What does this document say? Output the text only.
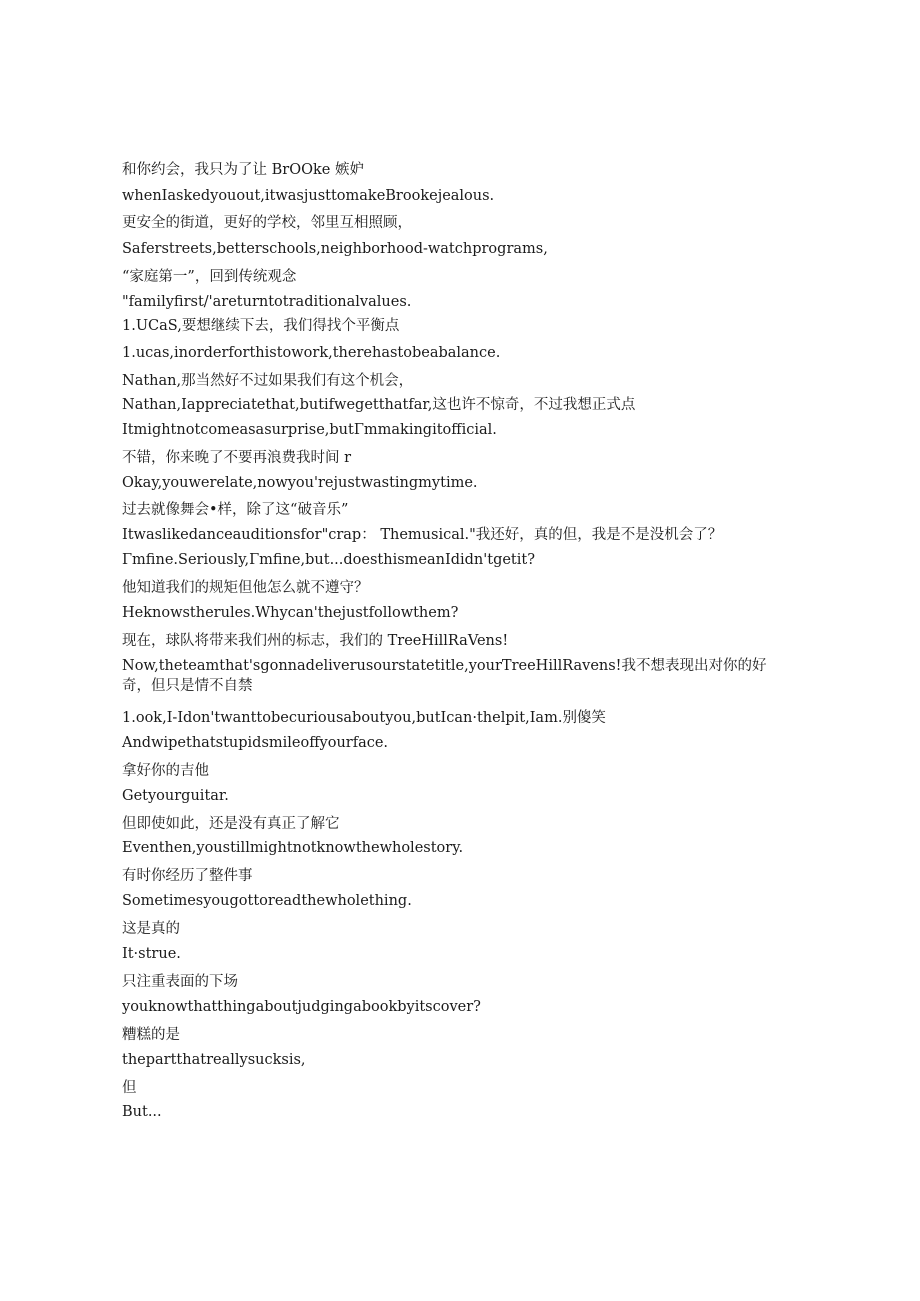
和你约会，我只为了让 BrOOke 嫉妒
whenIaskedyouout,itwasjusttomakeBrookejealous.
更安全的街道，更好的学校，邻里互相照顾，
Saferstreets,betterschools,neighborhood-watchprograms,
“家庭第一”，回到传统观念
"familyfirst/'areturntotraditionalvalues.
1.UCaS,要想继续下去，我们得找个平衡点
1.ucas,inorderforthistowork,therehastobeabalance.
Nathan,那当然好不过如果我们有这个机会，
Nathan,Iappreciatethat,butifwegetthatfar,这也许不惊奇，不过我想正式点
Itmightnotcomeasasurprise,butΓmmakingitofficial.
不错，你来晚了不要再浪费我时间 r
Okay,youwerelate,nowyou'rejustwastingmytime.
过去就像舞会•样，除了这“破音乐”
Itwaslikedanceauditionsfor"crap： Themusical."我还好，真的但，我是不是没机会了？
Γmfine.Seriously,Γmfine,but...doesthismeanIdidn'tgetit?
他知道我们的规矩但他怎么就不遵守？
Heknowstherules.Whycan'thejustfollowthem?
现在，球队将带来我们州的标志，我们的 TreeHillRaVens!
Now,theteamthat'sgonnadeliverusourstatetitle,yourTreeHillRavens!我不想表现出对你的好奇，但只是情不自禁
1.ook,I-Idon'twanttobecuriousaboutyou,butIcan·thelpit,Iam.别傻笑
Andwipethatstupidsmileoffyourface.
拿好你的吉他
Getyourguitar.
但即使如此，还是没有真正了解它
Eventhen,youstillmightnotknowthewholestory.
有时你经历了整件事
Sometimesyougottoreadthewholething.
这是真的
It·strue.
只注重表面的下场
youknowthatthingaboutjudgingabookbyitscover?
糟糕的是
thepartthatreallysucksis,
但
But...
